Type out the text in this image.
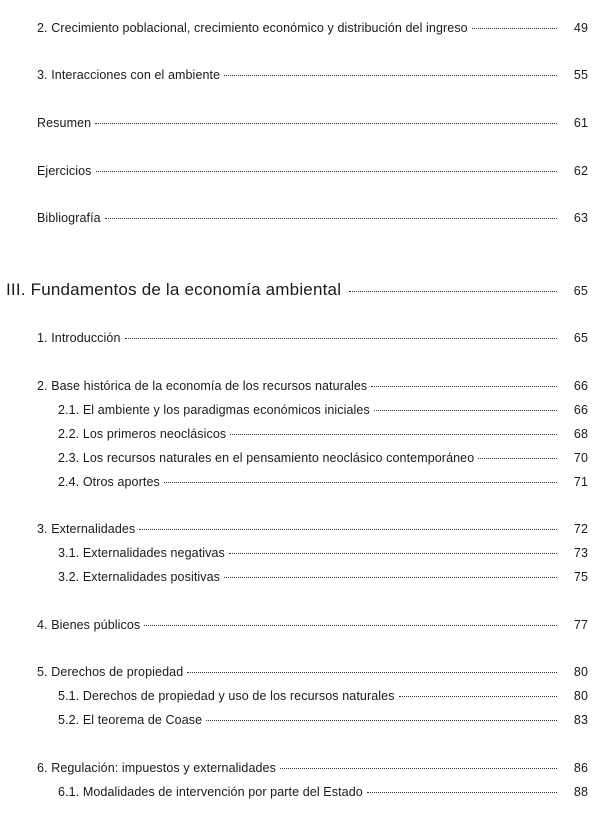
2. Crecimiento poblacional, crecimiento económico y distribución del ingreso	49
3. Interacciones con el ambiente	55
Resumen	61
Ejercicios	62
Bibliografía	63
III. Fundamentos de la economía ambiental	65
1. Introducción	65
2. Base histórica de la economía de los recursos naturales	66
2.1. El ambiente y los paradigmas económicos iniciales	66
2.2. Los primeros neoclásicos	68
2.3. Los recursos naturales en el pensamiento neoclásico contemporáneo	70
2.4. Otros aportes	71
3. Externalidades	72
3.1. Externalidades negativas	73
3.2. Externalidades positivas	75
4. Bienes públicos	77
5. Derechos de propiedad	80
5.1. Derechos de propiedad y uso de los recursos naturales	80
5.2. El teorema de Coase	83
6. Regulación: impuestos y externalidades	86
6.1. Modalidades de intervención por parte del Estado	88
